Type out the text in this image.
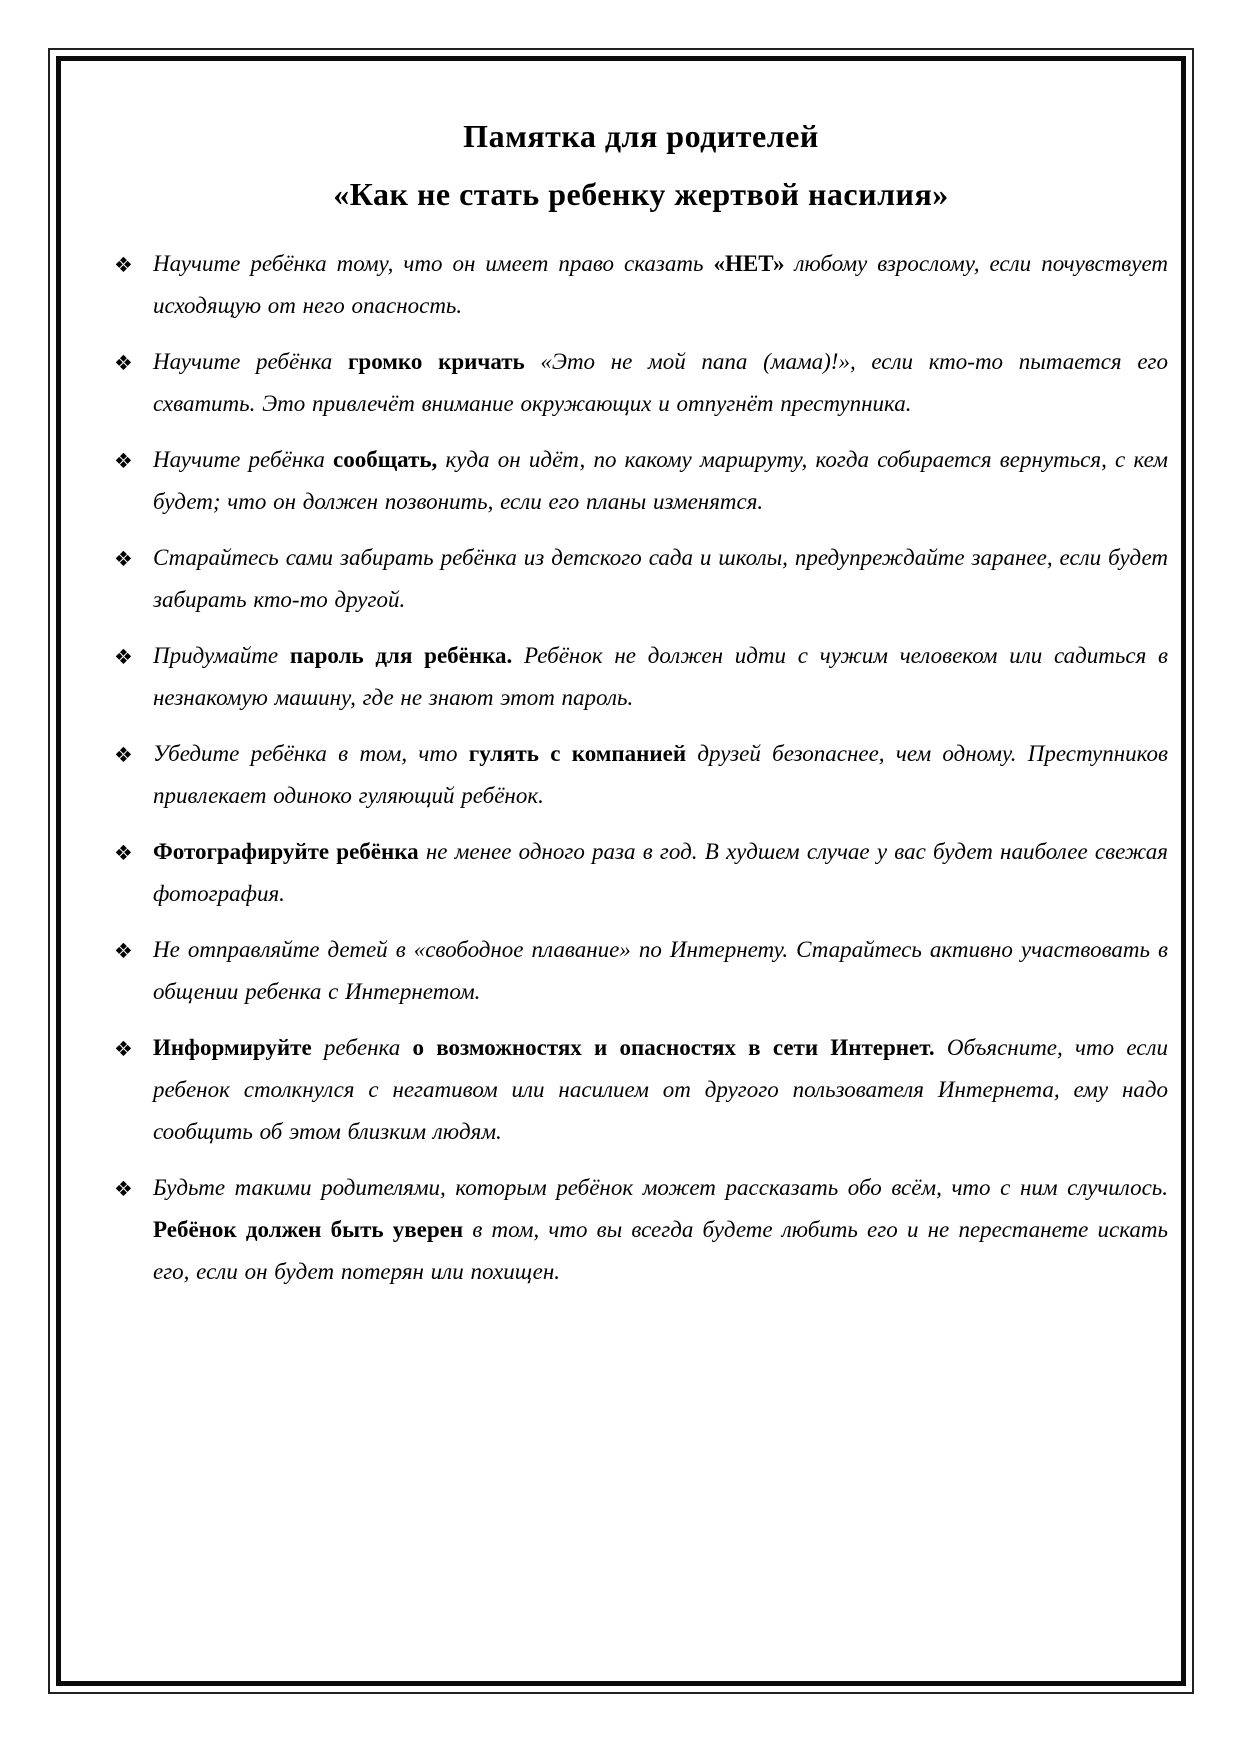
Памятка для родителей
«Как не стать ребенку жертвой насилия»

❖ Научите ребёнка тому, что он имеет право сказать «НЕТ» любому взрослому, если почувствует исходящую от него опасность.

❖ Научите ребёнка громко кричать «Это не мой папа (мама)!», если кто-то пытается его схватить. Это привлечёт внимание окружающих и отпугнёт преступника.

❖ Научите ребёнка сообщать, куда он идёт, по какому маршруту, когда собирается вернуться, с кем будет; что он должен позвонить, если его планы изменятся.

❖ Старайтесь сами забирать ребёнка из детского сада и школы, предупреждайте заранее, если будет забирать кто-то другой.

❖ Придумайте пароль для ребёнка. Ребёнок не должен идти с чужим человеком или садиться в незнакомую машину, где не знают этот пароль.

❖ Убедите ребёнка в том, что гулять с компанией друзей безопаснее, чем одному. Преступников привлекает одиноко гуляющий ребёнок.

❖ Фотографируйте ребёнка не менее одного раза в год. В худшем случае у вас будет наиболее свежая фотография.

❖ Не отправляйте детей в «свободное плавание» по Интернету. Старайтесь активно участвовать в общении ребенка с Интернетом.

❖ Информируйте ребенка о возможностях и опасностях в сети Интернет. Объясните, что если ребенок столкнулся с негативом или насилием от другого пользователя Интернета, ему надо сообщить об этом близким людям.

❖ Будьте такими родителями, которым ребёнок может рассказать обо всём, что с ним случилось. Ребёнок должен быть уверен в том, что вы всегда будете любить его и не перестанете искать его, если он будет потерян или похищен.
